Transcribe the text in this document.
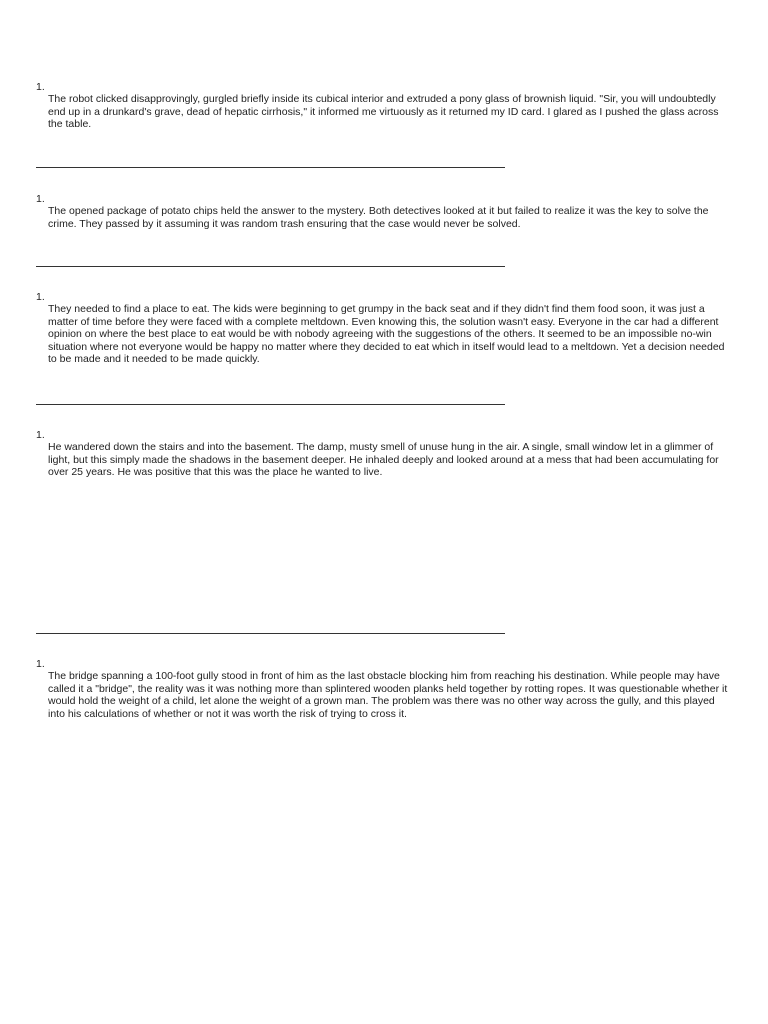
1.

The robot clicked disapprovingly, gurgled briefly inside its cubical interior and extruded a pony glass of brownish liquid. "Sir, you will undoubtedly end up in a drunkard's grave, dead of hepatic cirrhosis," it informed me virtuously as it returned my ID card. I glared as I pushed the glass across the table.

1.

The opened package of potato chips held the answer to the mystery. Both detectives looked at it but failed to realize it was the key to solve the crime. They passed by it assuming it was random trash ensuring that the case would never be solved.

1.

They needed to find a place to eat. The kids were beginning to get grumpy in the back seat and if they didn't find them food soon, it was just a matter of time before they were faced with a complete meltdown. Even knowing this, the solution wasn't easy. Everyone in the car had a different opinion on where the best place to eat would be with nobody agreeing with the suggestions of the others. It seemed to be an impossible no-win situation where not everyone would be happy no matter where they decided to eat which in itself would lead to a meltdown. Yet a decision needed to be made and it needed to be made quickly.

1.

He wandered down the stairs and into the basement. The damp, musty smell of unuse hung in the air. A single, small window let in a glimmer of light, but this simply made the shadows in the basement deeper. He inhaled deeply and looked around at a mess that had been accumulating for over 25 years. He was positive that this was the place he wanted to live.

1.

The bridge spanning a 100-foot gully stood in front of him as the last obstacle blocking him from reaching his destination. While people may have called it a "bridge", the reality was it was nothing more than splintered wooden planks held together by rotting ropes. It was questionable whether it would hold the weight of a child, let alone the weight of a grown man. The problem was there was no other way across the gully, and this played into his calculations of whether or not it was worth the risk of trying to cross it.
